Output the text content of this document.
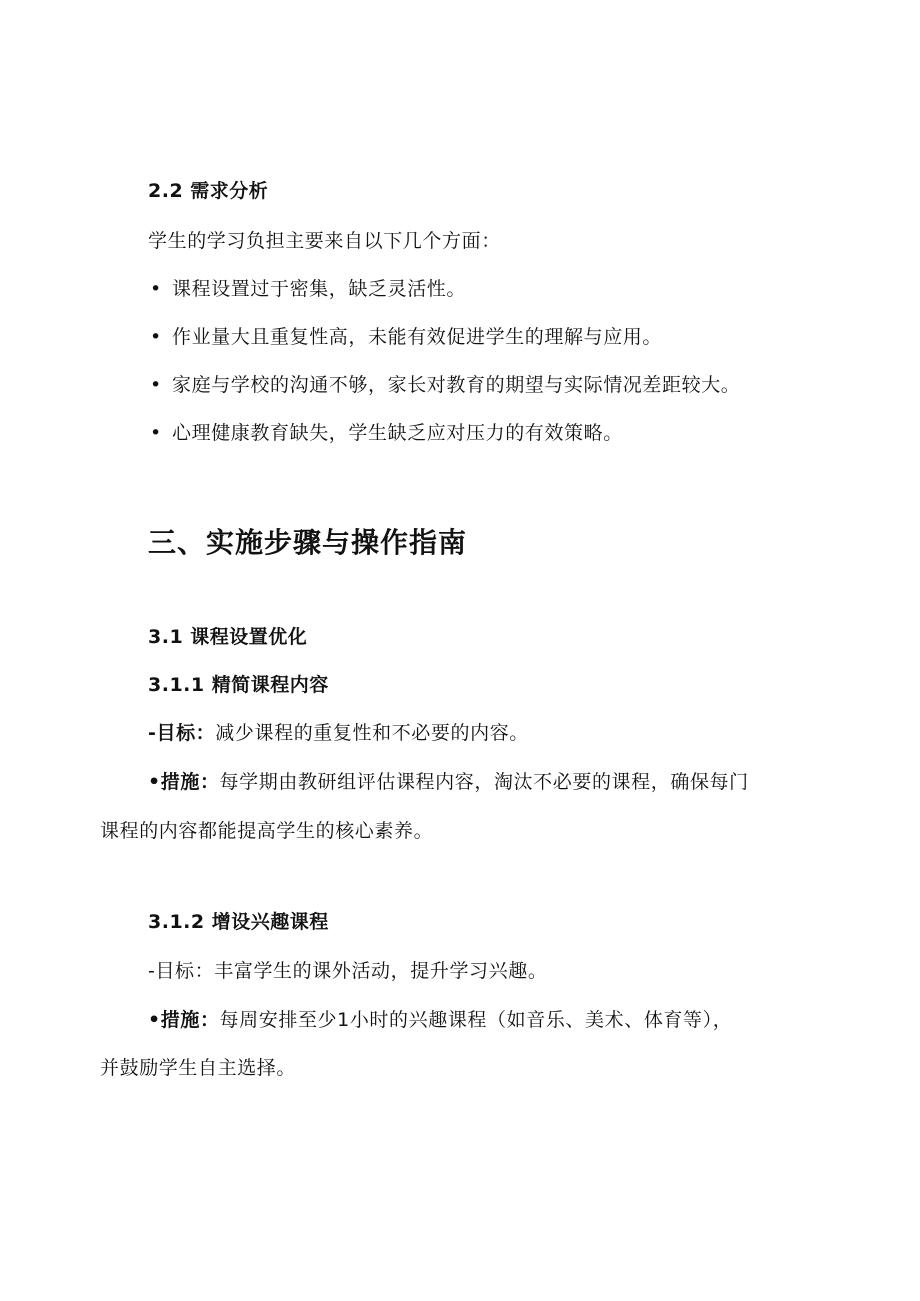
2.2 需求分析
学生的学习负担主要来自以下几个方面：
• 课程设置过于密集，缺乏灵活性。
• 作业量大且重复性高，未能有效促进学生的理解与应用。
• 家庭与学校的沟通不够，家长对教育的期望与实际情况差距较大。
• 心理健康教育缺失，学生缺乏应对压力的有效策略。
三、实施步骤与操作指南
3.1 课程设置优化
3.1.1 精简课程内容
-目标：减少课程的重复性和不必要的内容。
•措施：每学期由教研组评估课程内容，淘汰不必要的课程，确保每门
课程的内容都能提高学生的核心素养。
3.1.2 增设兴趣课程
-目标：丰富学生的课外活动，提升学习兴趣。
•措施：每周安排至少1小时的兴趣课程（如音乐、美术、体育等），
并鼓励学生自主选择。
